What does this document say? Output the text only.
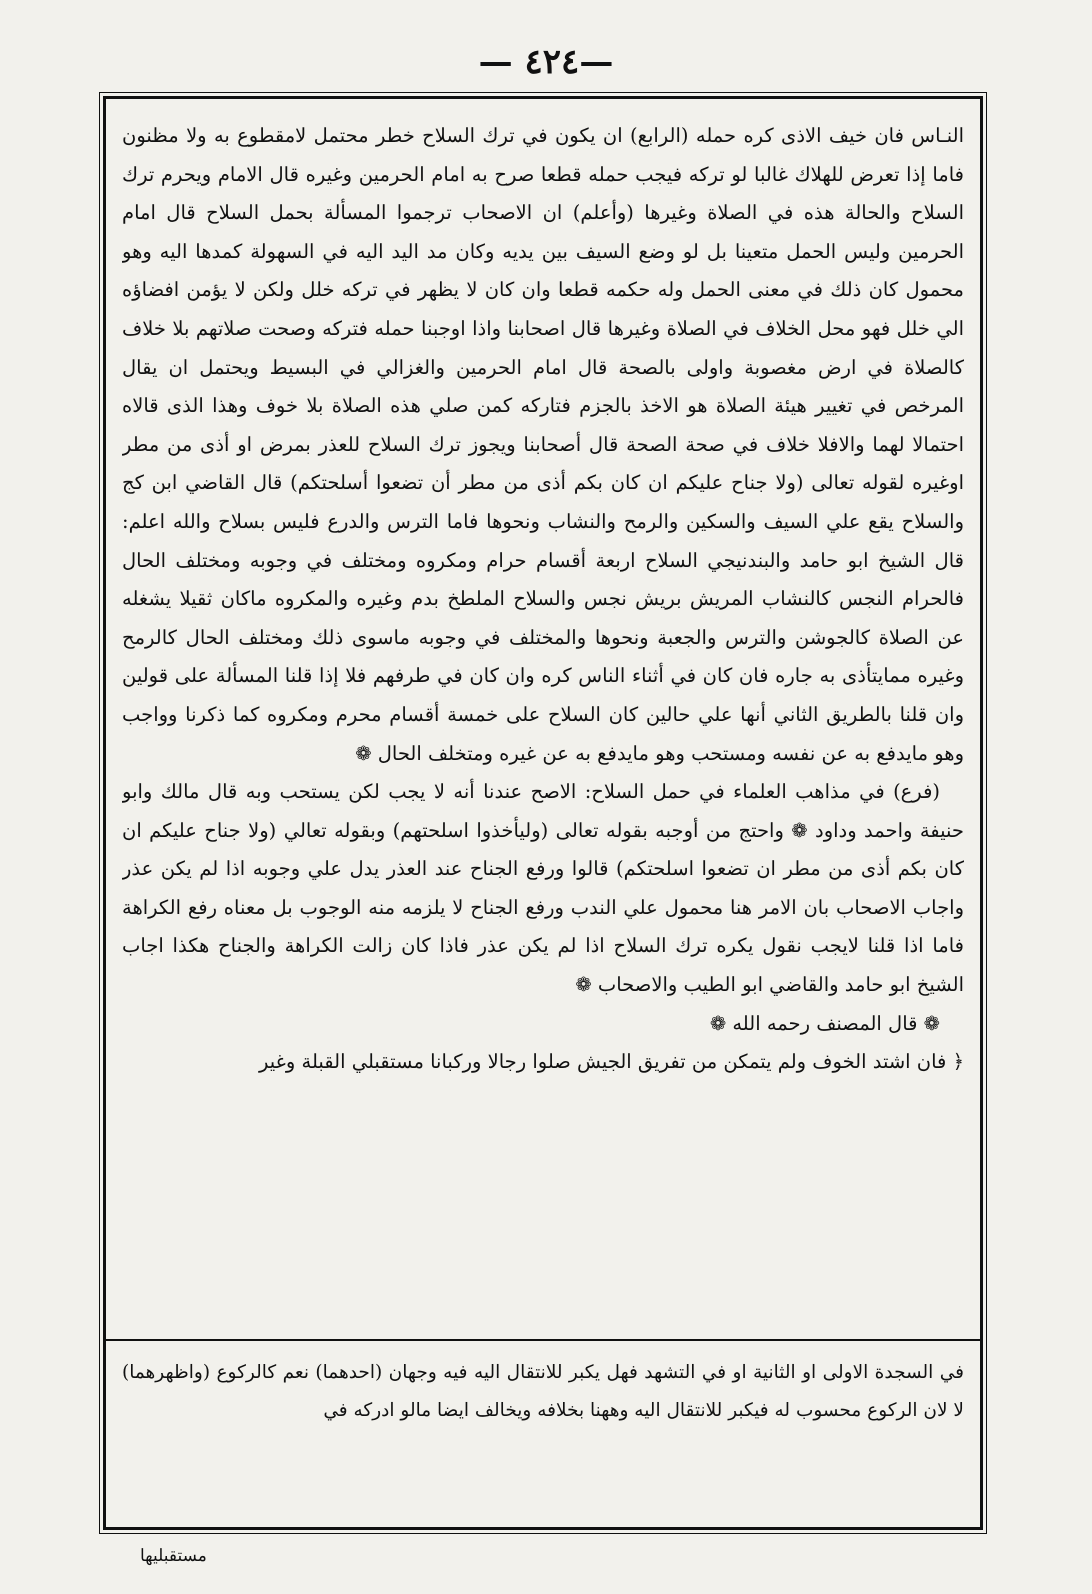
—٤٢٤ —

النـاس فان خيف الاذى كره حمله (الرابع) ان يكون في ترك السلاح خطر محتمل لامقطوع به ولا مظنون فاما إذا تعرض للهلاك غالبا لو تركه فيجب حمله قطعا صرح به امام الحرمين وغيره قال الامام ويحرم ترك السلاح والحالة هذه في الصلاة وغيرها (وأعلم) ان الاصحاب ترجموا المسألة بحمل السلاح قال امام الحرمين وليس الحمل متعينا بل لو وضع السيف بين يديه وكان مد اليد اليه في السهولة كمدها اليه وهو محمول كان ذلك في معنى الحمل وله حكمه قطعا وان كان لا يظهر في تركه خلل ولكن لا يؤمن افضاؤه الي خلل فهو محل الخلاف في الصلاة وغيرها قال اصحابنا واذا اوجبنا حمله فتركه وصحت صلاتهم بلا خلاف كالصلاة في ارض مغصوبة واولى بالصحة قال امام الحرمين والغزالي في البسيط ويحتمل ان يقال المرخص في تغيير هيئة الصلاة هو الاخذ بالجزم فتاركه كمن صلي هذه الصلاة بلا خوف وهذا الذى قالاه احتمالا لهما والافلا خلاف في صحة الصحة قال أصحابنا ويجوز ترك السلاح للعذر بمرض او أذى من مطر اوغيره لقوله تعالى (ولا جناح عليكم ان كان بكم أذى من مطر أن تضعوا أسلحتكم) قال القاضي ابن كج والسلاح يقع علي السيف والسكين والرمح والنشاب ونحوها فاما الترس والدرع فليس بسلاح والله اعلم: قال الشيخ ابو حامد والبندنيجي السلاح اربعة أقسام حرام ومكروه ومختلف في وجوبه ومختلف الحال فالحرام النجس كالنشاب المريش بريش نجس والسلاح الملطخ بدم وغيره والمكروه ماكان ثقيلا يشغله عن الصلاة كالجوشن والترس والجعبة ونحوها والمختلف في وجوبه ماسوى ذلك ومختلف الحال كالرمح وغيره ممايتأذى به جاره فان كان في أثناء الناس كره وان كان في طرفهم فلا إذا قلنا المسألة على قولين وان قلنا بالطريق الثاني أنها علي حالين كان السلاح على خمسة أقسام محرم ومكروه كما ذكرنا وواجب وهو مايدفع به عن نفسه ومستحب وهو مايدفع به عن غيره ومتخلف الحال ❁

(فرع) في مذاهب العلماء في حمل السلاح: الاصح عندنا أنه لا يجب لكن يستحب وبه قال مالك وابو حنيفة واحمد وداود ❁ واحتج من أوجبه بقوله تعالى (وليأخذوا اسلحتهم) وبقوله تعالي (ولا جناح عليكم ان كان بكم أذى من مطر ان تضعوا اسلحتكم) قالوا ورفع الجناح عند العذر يدل علي وجوبه اذا لم يكن عذر واجاب الاصحاب بان الامر هنا محمول علي الندب ورفع الجناح لا يلزمه منه الوجوب بل معناه رفع الكراهة فاما اذا قلنا لايجب نقول يكره ترك السلاح اذا لم يكن عذر فاذا كان زالت الكراهة والجناح هكذا اجاب الشيخ ابو حامد والقاضي ابو الطيب والاصحاب ❁

❁ قال المصنف رحمه الله ❁

﴿ فان اشتد الخوف ولم يتمكن من تفريق الجيش صلوا رجالا وركبانا مستقبلي القبلة وغير

في السجدة الاولى او الثانية او في التشهد فهل يكبر للانتقال اليه فيه وجهان (احدهما) نعم كالركوع (واظهرهما) لا لان الركوع محسوب له فيكبر للانتقال اليه وههنا بخلافه ويخالف ايضا مالو ادركه في

مستقبليها
